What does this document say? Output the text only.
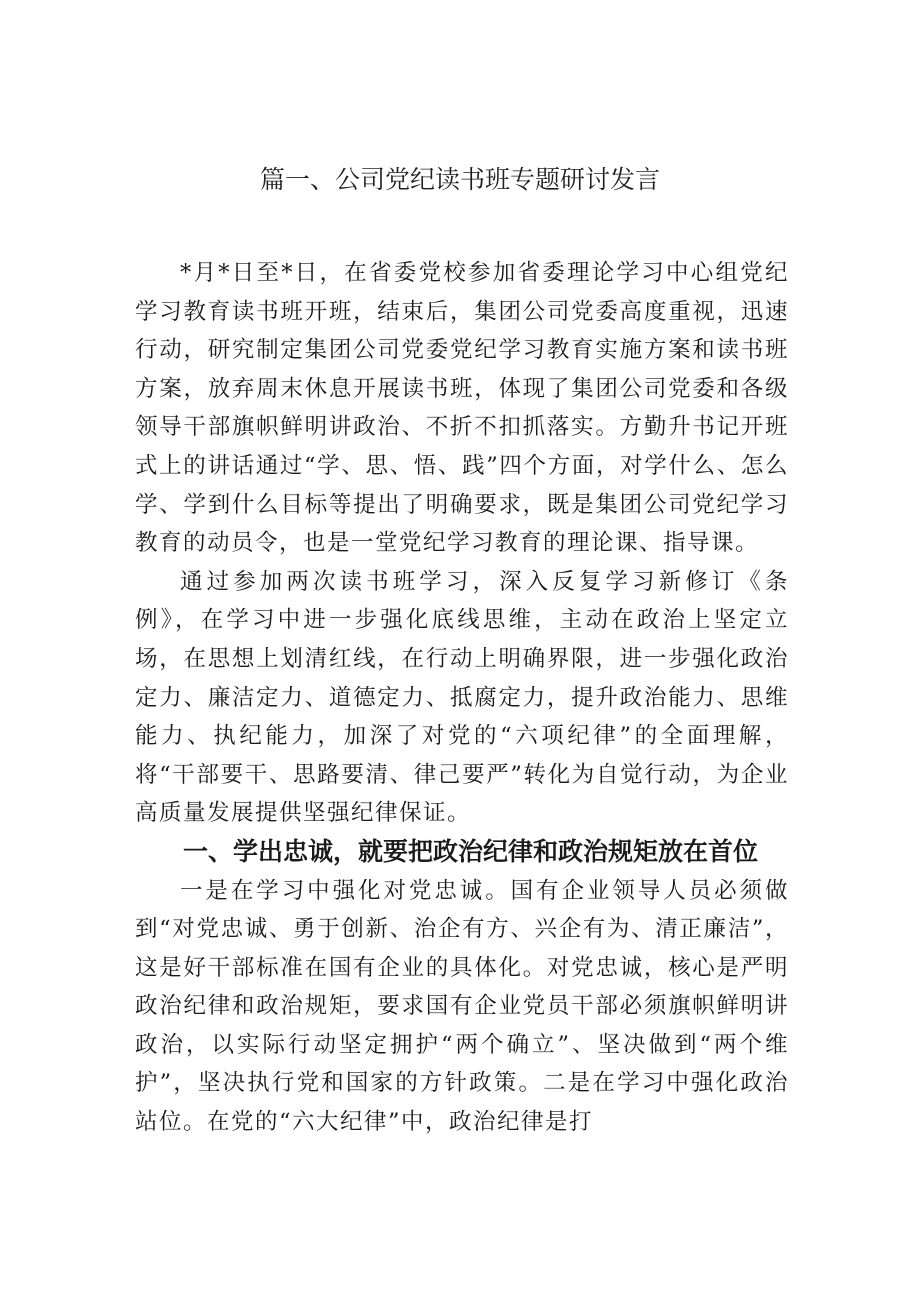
篇一、公司党纪读书班专题研讨发言

*月*日至*日，在省委党校参加省委理论学习中心组党纪学习教育读书班开班，结束后，集团公司党委高度重视，迅速行动，研究制定集团公司党委党纪学习教育实施方案和读书班方案，放弃周末休息开展读书班，体现了集团公司党委和各级领导干部旗帜鲜明讲政治、不折不扣抓落实。方勤升书记开班式上的讲话通过“学、思、悟、践”四个方面，对学什么、怎么学、学到什么目标等提出了明确要求，既是集团公司党纪学习教育的动员令，也是一堂党纪学习教育的理论课、指导课。

通过参加两次读书班学习，深入反复学习新修订《条例》，在学习中进一步强化底线思维，主动在政治上坚定立场，在思想上划清红线，在行动上明确界限，进一步强化政治定力、廉洁定力、道德定力、抵腐定力，提升政治能力、思维能力、执纪能力，加深了对党的“六项纪律”的全面理解，将“干部要干、思路要清、律己要严”转化为自觉行动，为企业高质量发展提供坚强纪律保证。

一、学出忠诚，就要把政治纪律和政治规矩放在首位

一是在学习中强化对党忠诚。国有企业领导人员必须做到“对党忠诚、勇于创新、治企有方、兴企有为、清正廉洁”，这是好干部标准在国有企业的具体化。对党忠诚，核心是严明政治纪律和政治规矩，要求国有企业党员干部必须旗帜鲜明讲政治，以实际行动坚定拥护“两个确立”、坚决做到“两个维护”，坚决执行党和国家的方针政策。二是在学习中强化政治站位。在党的“六大纪律”中，政治纪律是打
